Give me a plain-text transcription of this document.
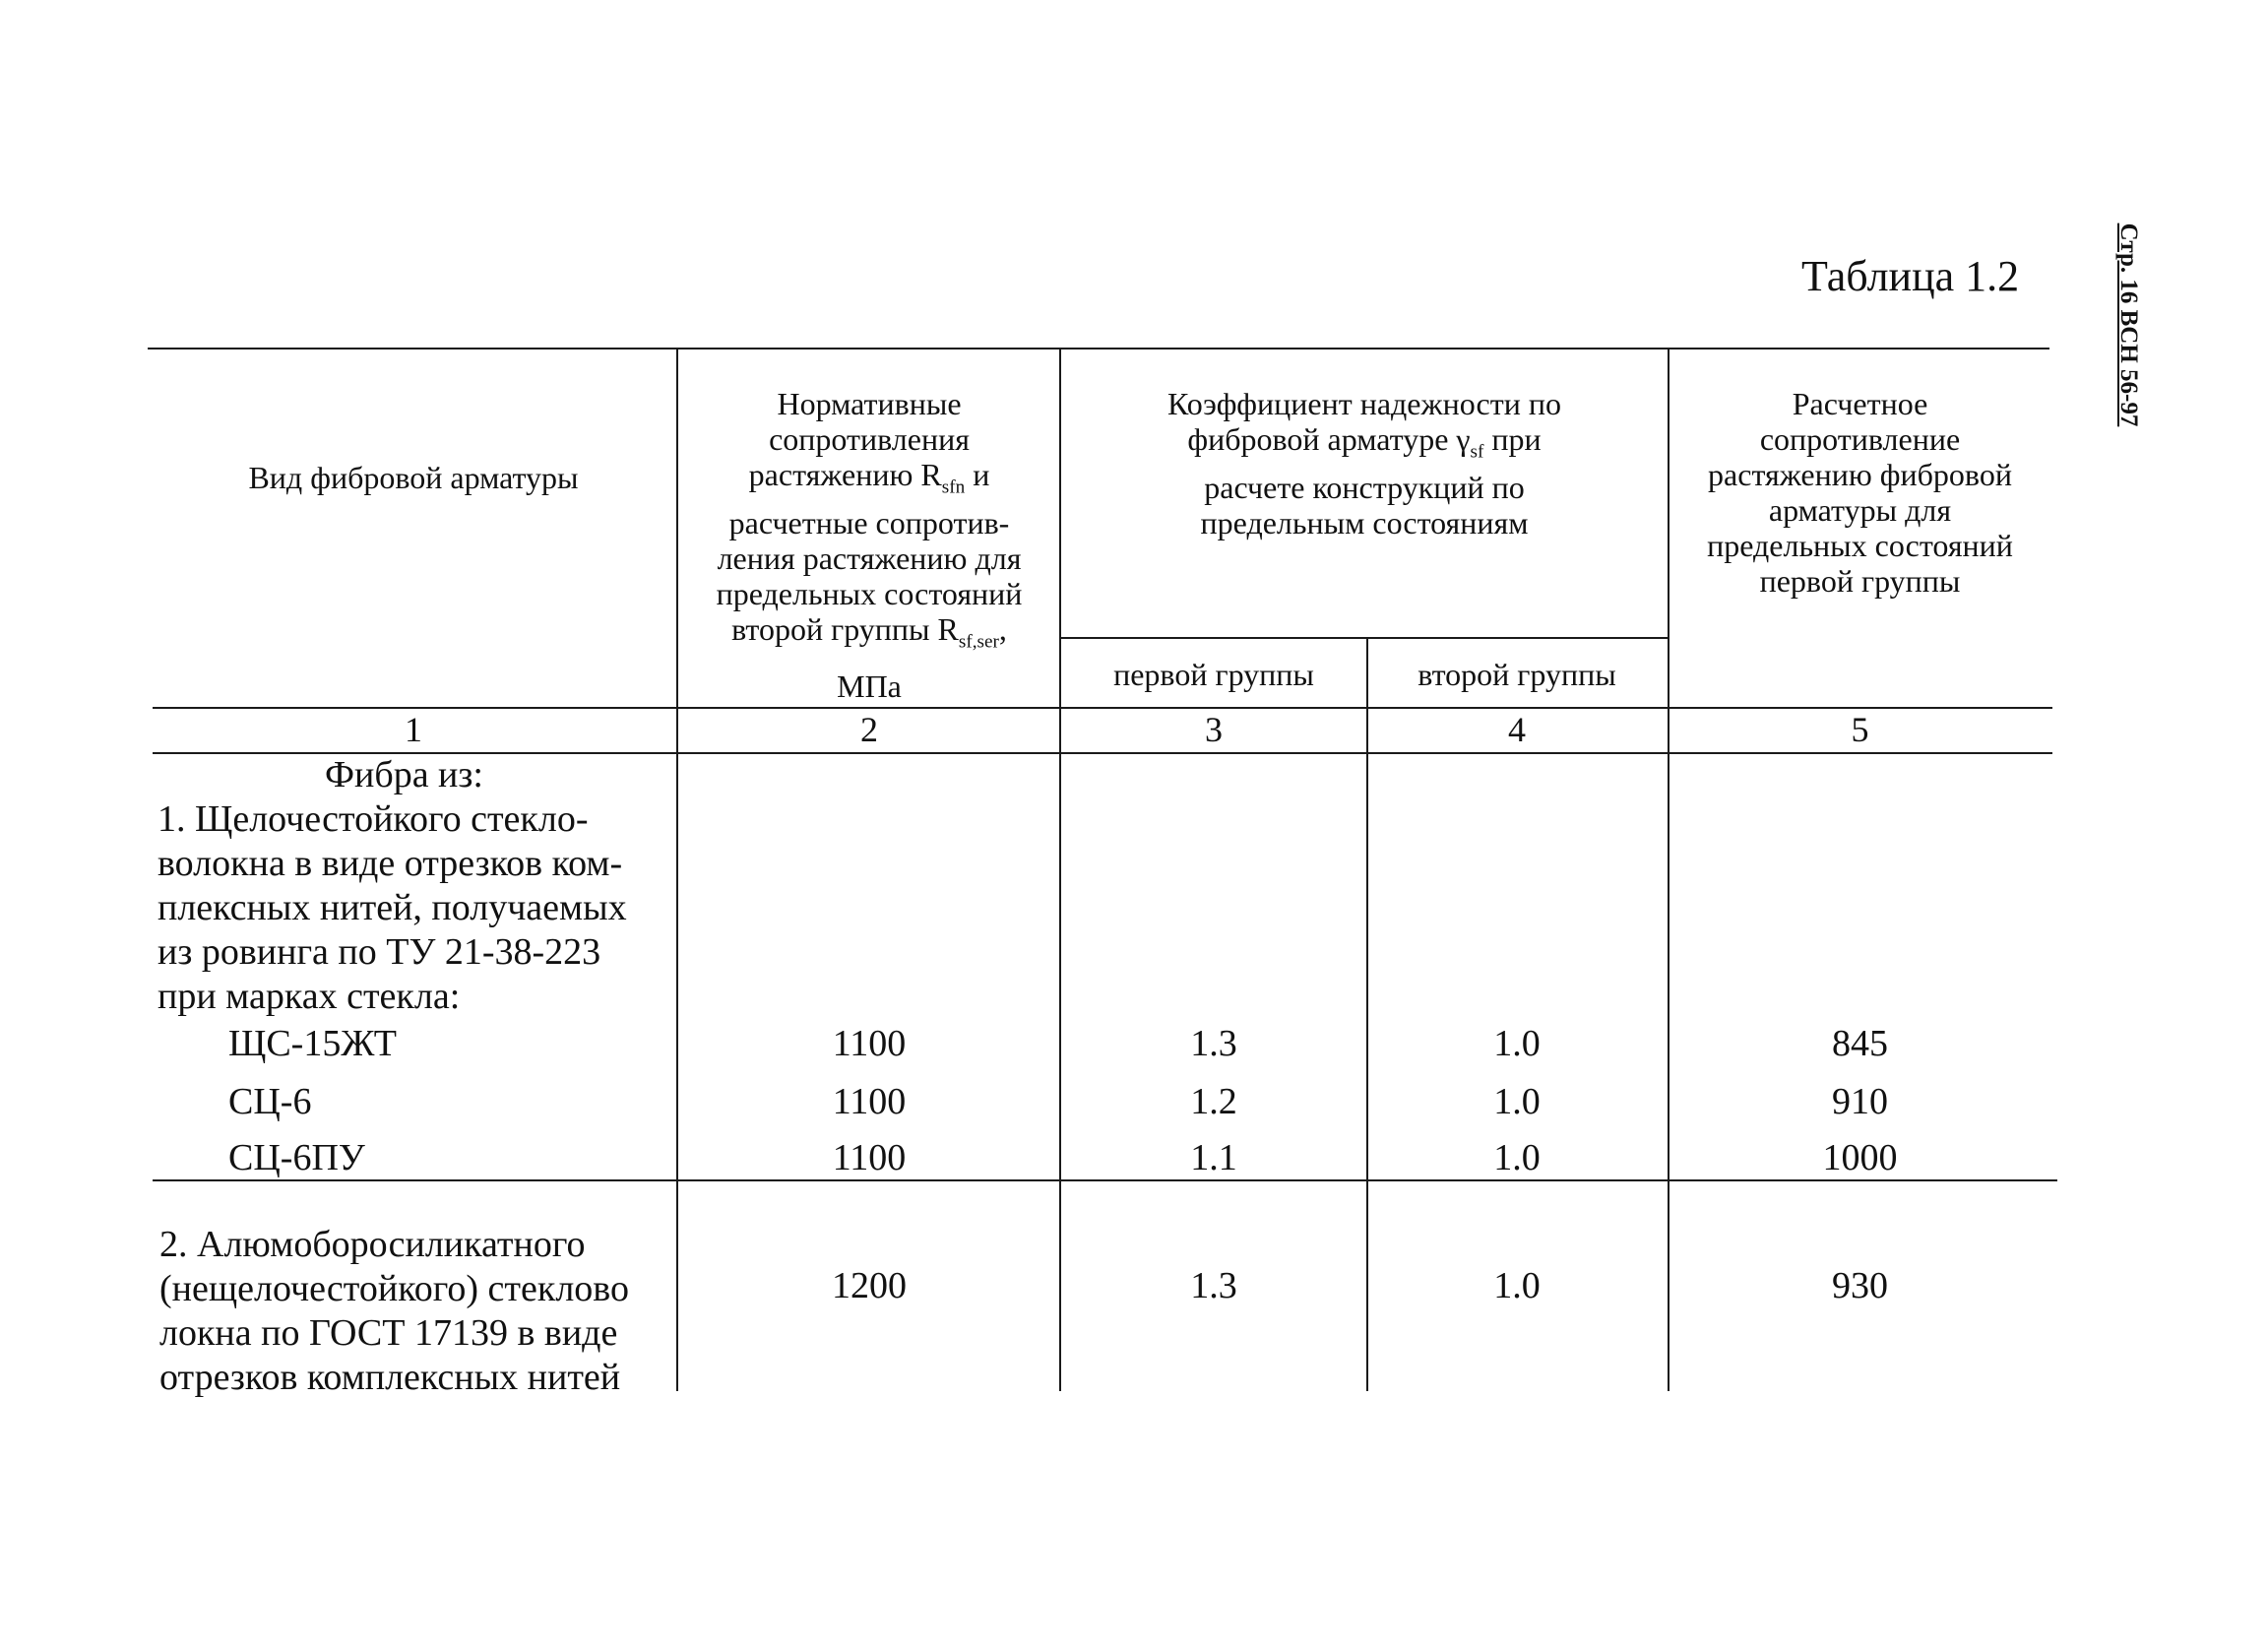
Стр. 16 ВСН 56-97
Таблица 1.2
Вид фибровой арматуры
Нормативные
сопротивления
растяжению $R_{sfn}$ и
расчетные сопротив-
ления растяжению для
предельных состояний
второй группы $R_{sf,ser}$,
МПа
Коэффициент надежности по
фибровой арматуре $\gamma_{sf}$ при
расчете конструкций по
предельным состояниям
первой группы	второй группы
Расчетное
сопротивление
растяжению фибровой
арматуры для
предельных состояний
первой группы
1	2	3	4	5
Фибра из:
1. Щелочестойкого стекло-
волокна в виде отрезков ком-
плексных нитей, получаемых
из ровинга по ТУ 21-38-223
при марках стекла:
ЩС-15ЖТ	1100	1.3	1.0	845
СЦ-6	1100	1.2	1.0	910
СЦ-6ПУ	1100	1.1	1.0	1000
2. Алюмоборосиликатного
(нещелочестойкого) стеклово
локна по ГОСТ 17139 в виде
отрезков комплексных нитей
1200	1.3	1.0	930
